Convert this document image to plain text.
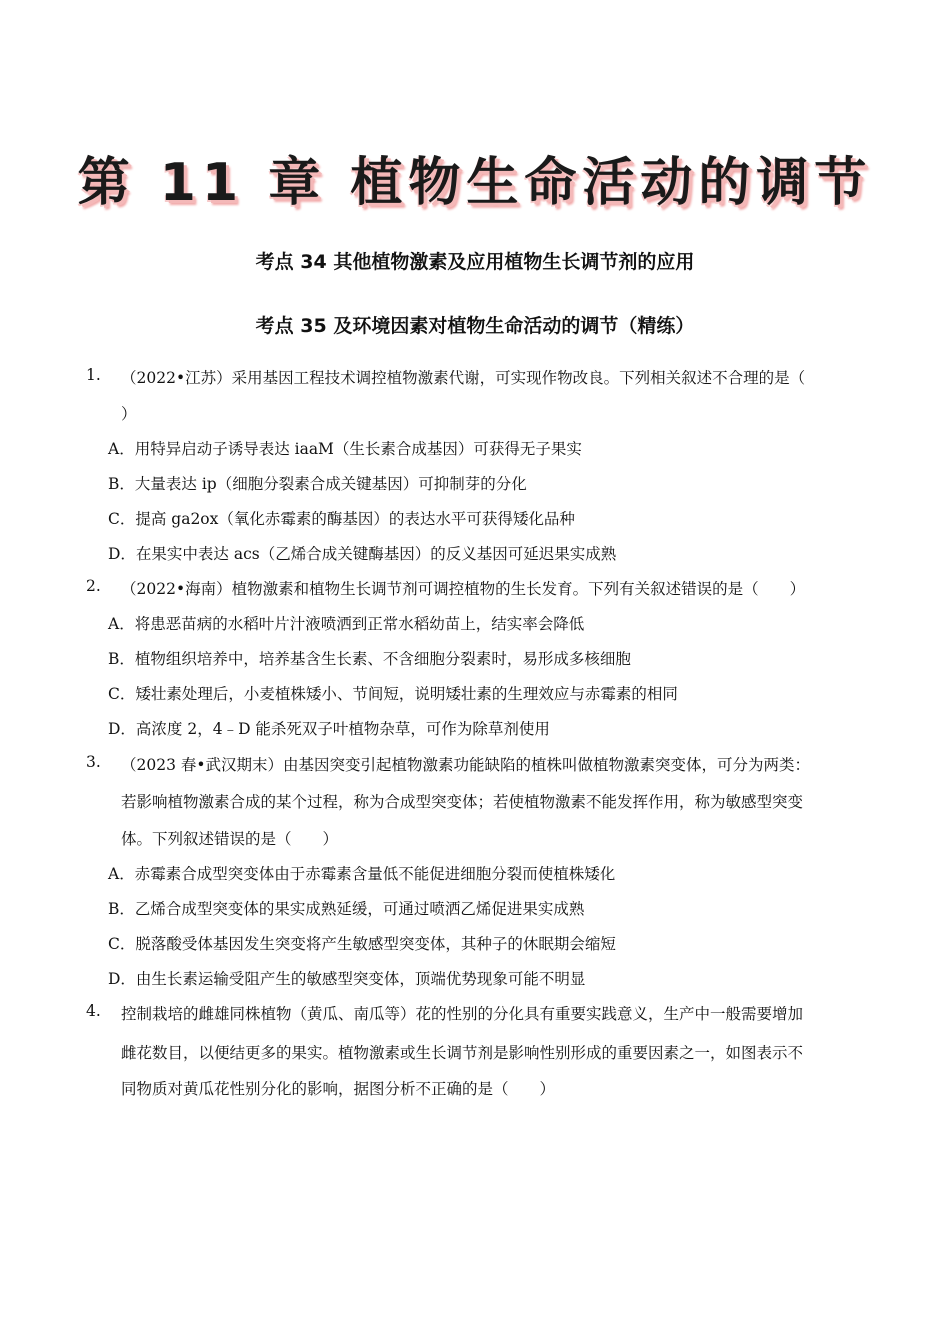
第 11 章 植物生命活动的调节
考点 34 其他植物激素及应用植物生长调节剂的应用
考点 35 及环境因素对植物生命活动的调节（精练）
1. （2022•江苏）采用基因工程技术调控植物激素代谢，可实现作物改良。下列相关叙述不合理的是（
）
A．用特异启动子诱导表达 iaaM（生长素合成基因）可获得无子果实
B．大量表达 ip（细胞分裂素合成关键基因）可抑制芽的分化
C．提高 ga2ox（氧化赤霉素的酶基因）的表达水平可获得矮化品种
D．在果实中表达 acs（乙烯合成关键酶基因）的反义基因可延迟果实成熟
2. （2022•海南）植物激素和植物生长调节剂可调控植物的生长发育。下列有关叙述错误的是（　　）
A．将患恶苗病的水稻叶片汁液喷洒到正常水稻幼苗上，结实率会降低
B．植物组织培养中，培养基含生长素、不含细胞分裂素时，易形成多核细胞
C．矮壮素处理后，小麦植株矮小、节间短，说明矮壮素的生理效应与赤霉素的相同
D．高浓度 2，4﹣D 能杀死双子叶植物杂草，可作为除草剂使用
3. （2023 春•武汉期末）由基因突变引起植物激素功能缺陷的植株叫做植物激素突变体，可分为两类：
若影响植物激素合成的某个过程，称为合成型突变体；若使植物激素不能发挥作用，称为敏感型突变
体。下列叙述错误的是（　　）
A．赤霉素合成型突变体由于赤霉素含量低不能促进细胞分裂而使植株矮化
B．乙烯合成型突变体的果实成熟延缓，可通过喷洒乙烯促进果实成熟
C．脱落酸受体基因发生突变将产生敏感型突变体，其种子的休眠期会缩短
D．由生长素运输受阻产生的敏感型突变体，顶端优势现象可能不明显
4. 控制栽培的雌雄同株植物（黄瓜、南瓜等）花的性别的分化具有重要实践意义，生产中一般需要增加
雌花数目，以便结更多的果实。植物激素或生长调节剂是影响性别形成的重要因素之一，如图表示不
同物质对黄瓜花性别分化的影响，据图分析不正确的是（　　）
